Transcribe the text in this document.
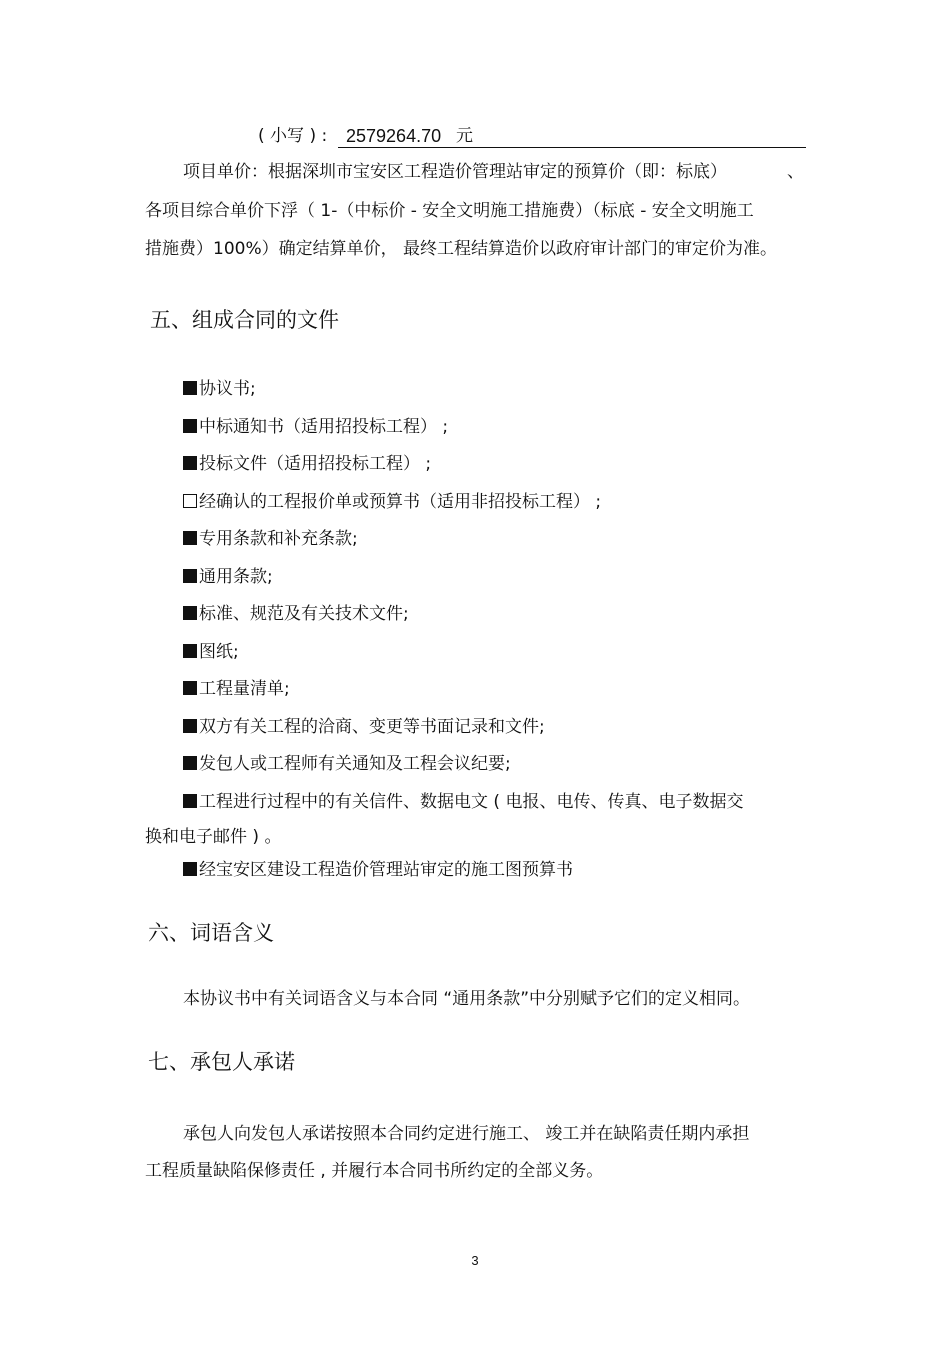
( 小写 ) : 2579264.70 元
项目单价：根据深圳市宝安区工程造价管理站审定的预算价（即：标底）	、
各项目综合单价下浮（ 1-（中标价 - 安全文明施工措施费）（标底 - 安全文明施工
措施费）100%）确定结算单价， 最终工程结算造价以政府审计部门的审定价为准。
五、组成合同的文件
协议书;
中标通知书（适用招投标工程） ;
投标文件（适用招投标工程） ;
经确认的工程报价单或预算书（适用非招投标工程） ;
专用条款和补充条款;
通用条款;
标准、规范及有关技术文件;
图纸;
工程量清单;
双方有关工程的洽商、变更等书面记录和文件;
发包人或工程师有关通知及工程会议纪要;
工程进行过程中的有关信件、数据电文 ( 电报、电传、传真、电子数据交
经宝安区建设工程造价管理站审定的施工图预算书
换和电子邮件 ) 。
六、词语含义
本协议书中有关词语含义与本合同 “通用条款”中分别赋予它们的定义相同。
七、承包人承诺
承包人向发包人承诺按照本合同约定进行施工、 竣工并在缺陷责任期内承担
工程质量缺陷保修责任 , 并履行本合同书所约定的全部义务。
3
